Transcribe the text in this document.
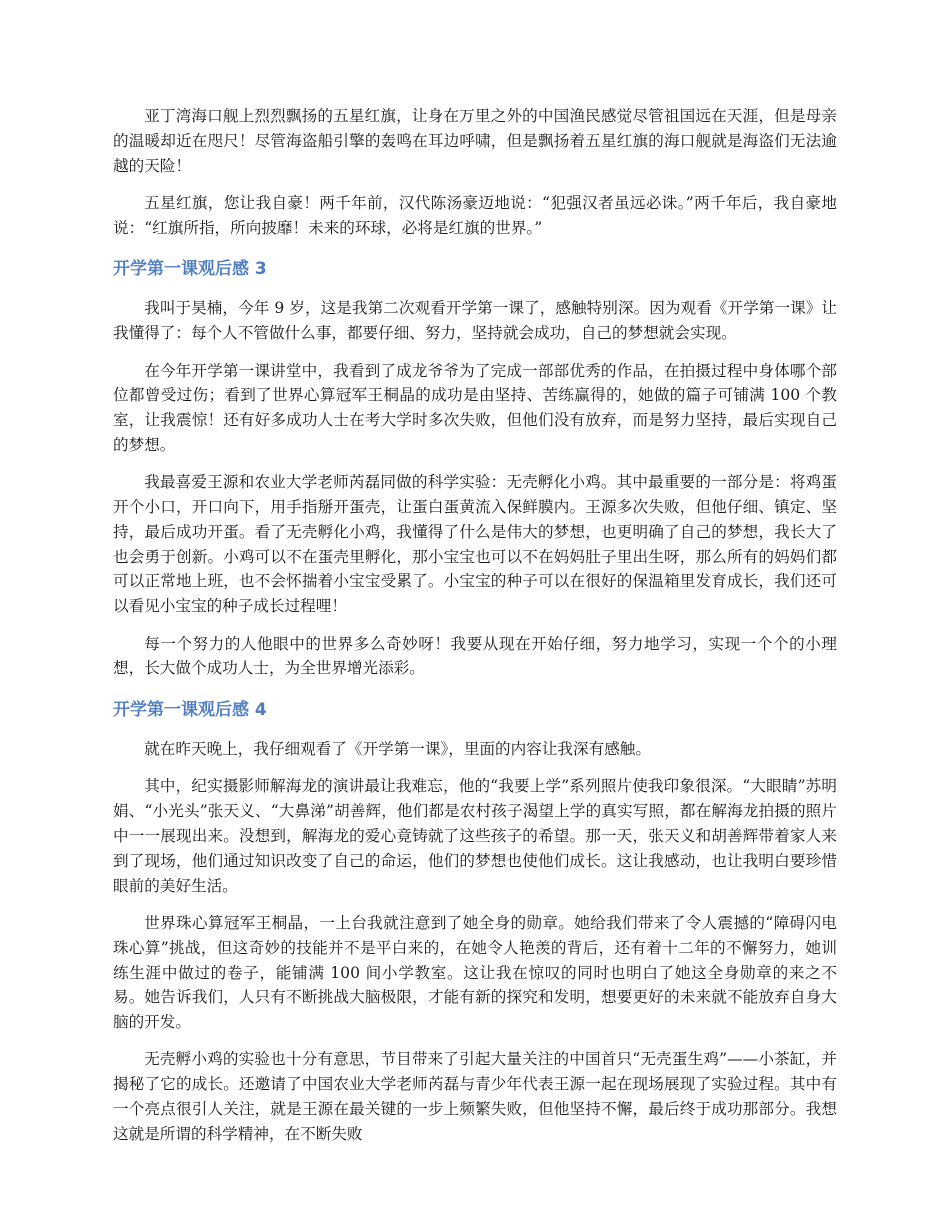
亚丁湾海口舰上烈烈飘扬的五星红旗，让身在万里之外的中国渔民感觉尽管祖国远在天涯，但是母亲的温暖却近在咫尺！尽管海盗船引擎的轰鸣在耳边呼啸，但是飘扬着五星红旗的海口舰就是海盗们无法逾越的天险！

五星红旗，您让我自豪！两千年前，汉代陈汤豪迈地说：“犯强汉者虽远必诛。”两千年后，我自豪地说：“红旗所指，所向披靡！未来的环球，必将是红旗的世界。”

开学第一课观后感 3

我叫于昊楠，今年 9 岁，这是我第二次观看开学第一课了，感触特别深。因为观看《开学第一课》让我懂得了：每个人不管做什么事，都要仔细、努力，坚持就会成功，自己的梦想就会实现。

在今年开学第一课讲堂中，我看到了成龙爷爷为了完成一部部优秀的作品，在拍摄过程中身体哪个部位都曾受过伤；看到了世界心算冠军王桐晶的成功是由坚持、苦练赢得的，她做的篇子可铺满 100 个教室，让我震惊！还有好多成功人士在考大学时多次失败，但他们没有放弃，而是努力坚持，最后实现自己的梦想。

我最喜爱王源和农业大学老师芮磊同做的科学实验：无壳孵化小鸡。其中最重要的一部分是：将鸡蛋开个小口，开口向下，用手指掰开蛋壳，让蛋白蛋黄流入保鲜膜内。王源多次失败，但他仔细、镇定、坚持，最后成功开蛋。看了无壳孵化小鸡，我懂得了什么是伟大的梦想，也更明确了自己的梦想，我长大了也会勇于创新。小鸡可以不在蛋壳里孵化，那小宝宝也可以不在妈妈肚子里出生呀，那么所有的妈妈们都可以正常地上班，也不会怀揣着小宝宝受累了。小宝宝的种子可以在很好的保温箱里发育成长，我们还可以看见小宝宝的种子成长过程哩！

每一个努力的人他眼中的世界多么奇妙呀！我要从现在开始仔细，努力地学习，实现一个个的小理想，长大做个成功人士，为全世界增光添彩。

开学第一课观后感 4

就在昨天晚上，我仔细观看了《开学第一课》，里面的内容让我深有感触。

其中，纪实摄影师解海龙的演讲最让我难忘，他的“我要上学”系列照片使我印象很深。“大眼睛”苏明娟、“小光头”张天义、“大鼻涕”胡善辉，他们都是农村孩子渴望上学的真实写照，都在解海龙拍摄的照片中一一展现出来。没想到，解海龙的爱心竟铸就了这些孩子的希望。那一天，张天义和胡善辉带着家人来到了现场，他们通过知识改变了自己的命运，他们的梦想也使他们成长。这让我感动，也让我明白要珍惜眼前的美好生活。

世界珠心算冠军王桐晶，一上台我就注意到了她全身的勋章。她给我们带来了令人震撼的“障碍闪电珠心算”挑战，但这奇妙的技能并不是平白来的，在她令人艳羡的背后，还有着十二年的不懈努力，她训练生涯中做过的卷子，能铺满 100 间小学教室。这让我在惊叹的同时也明白了她这全身勋章的来之不易。她告诉我们，人只有不断挑战大脑极限，才能有新的探究和发明，想要更好的未来就不能放弃自身大脑的开发。

无壳孵小鸡的实验也十分有意思，节目带来了引起大量关注的中国首只“无壳蛋生鸡”——小茶缸，并揭秘了它的成长。还邀请了中国农业大学老师芮磊与青少年代表王源一起在现场展现了实验过程。其中有一个亮点很引人关注，就是王源在最关键的一步上频繁失败，但他坚持不懈，最后终于成功那部分。我想这就是所谓的科学精神，在不断失败
